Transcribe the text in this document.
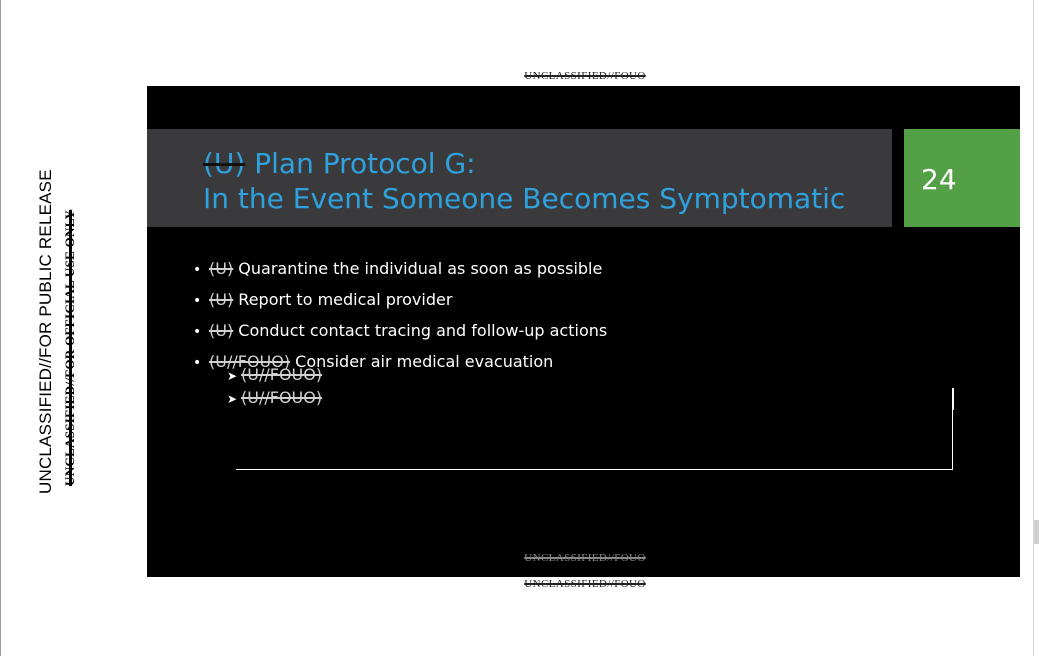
UNCLASSIFIED//FOR PUBLIC RELEASE UNCLASSIFIED//FOR OFFICIAL USE ONLY
UNCLASSIFIED//FOUO
(U) Plan Protocol G:
In the Event Someone Becomes Symptomatic
24
• (U) Quarantine the individual as soon as possible
• (U) Report to medical provider
• (U) Conduct contact tracing and follow-up actions
• (U//FOUO) Consider air medical evacuation
➤ (U//FOUO)
➤ (U//FOUO)
UNCLASSIFIED//FOUO
UNCLASSIFIED//FOUO
